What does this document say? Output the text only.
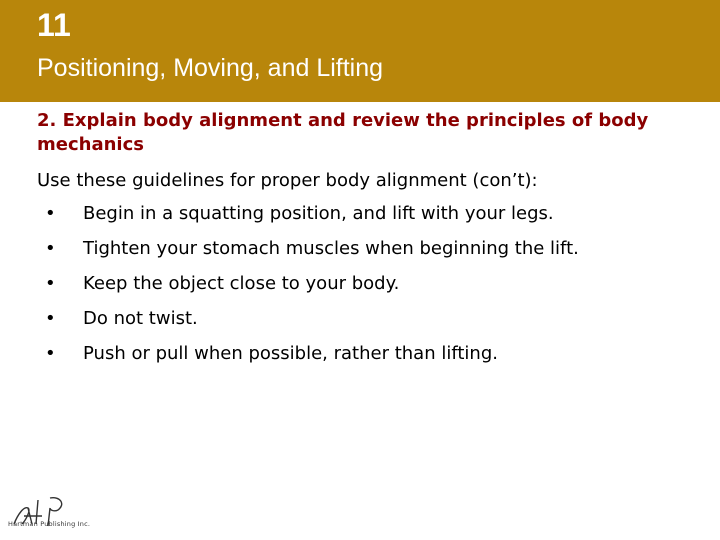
11
Positioning, Moving, and Lifting
2. Explain body alignment and review the principles of body mechanics
Use these guidelines for proper body alignment (con’t):
• Begin in a squatting position, and lift with your legs.
• Tighten your stomach muscles when beginning the lift.
• Keep the object close to your body.
• Do not twist.
• Push or pull when possible, rather than lifting.
Hartman Publishing Inc.
